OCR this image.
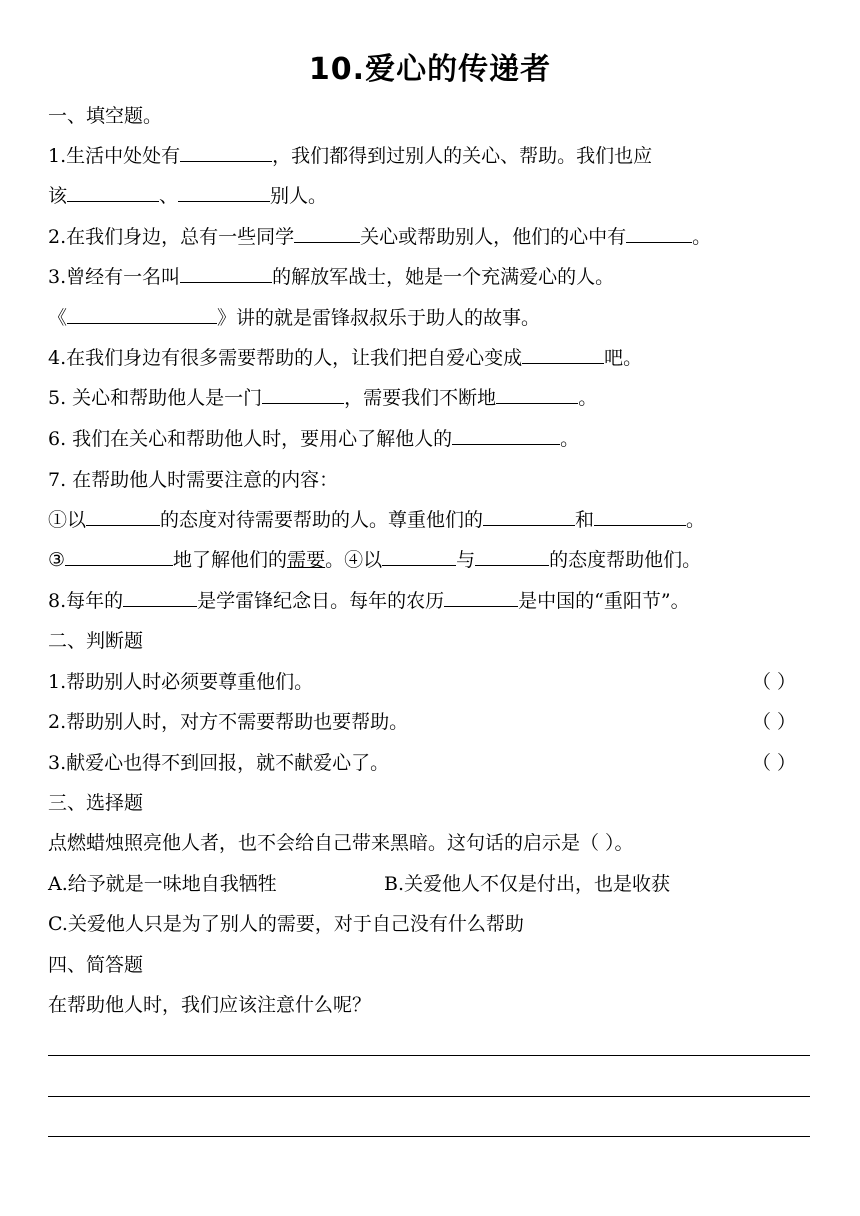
10.爱心的传递者
一、填空题。
1.生活中处处有	，我们都得到过别人的关心、帮助。我们也应
该	、	别人。
2.在我们身边，总有一些同学	关心或帮助别人，他们的心中有	。
3.曾经有一名叫	的解放军战士，她是一个充满爱心的人。
《	》讲的就是雷锋叔叔乐于助人的故事。
4.在我们身边有很多需要帮助的人，让我们把自爱心变成	吧。
5. 关心和帮助他人是一门	，需要我们不断地	。
6. 我们在关心和帮助他人时，要用心了解他人的	。
7. 在帮助他人时需要注意的内容：
①以	的态度对待需要帮助的人。尊重他们的	和	。
③	地了解他们的需要。④以	与	的态度帮助他们。
8.每年的	是学雷锋纪念日。每年的农历	是中国的“重阳节”。
二、判断题
1.帮助别人时必须要尊重他们。	（ ）
2.帮助别人时，对方不需要帮助也要帮助。	（ ）
3.献爱心也得不到回报，就不献爱心了。	（ ）
三、选择题
点燃蜡烛照亮他人者，也不会给自己带来黑暗。这句话的启示是（ ）。
A.给予就是一味地自我牺牲	B.关爱他人不仅是付出，也是收获
C.关爱他人只是为了别人的需要，对于自己没有什么帮助
四、简答题
在帮助他人时，我们应该注意什么呢？
